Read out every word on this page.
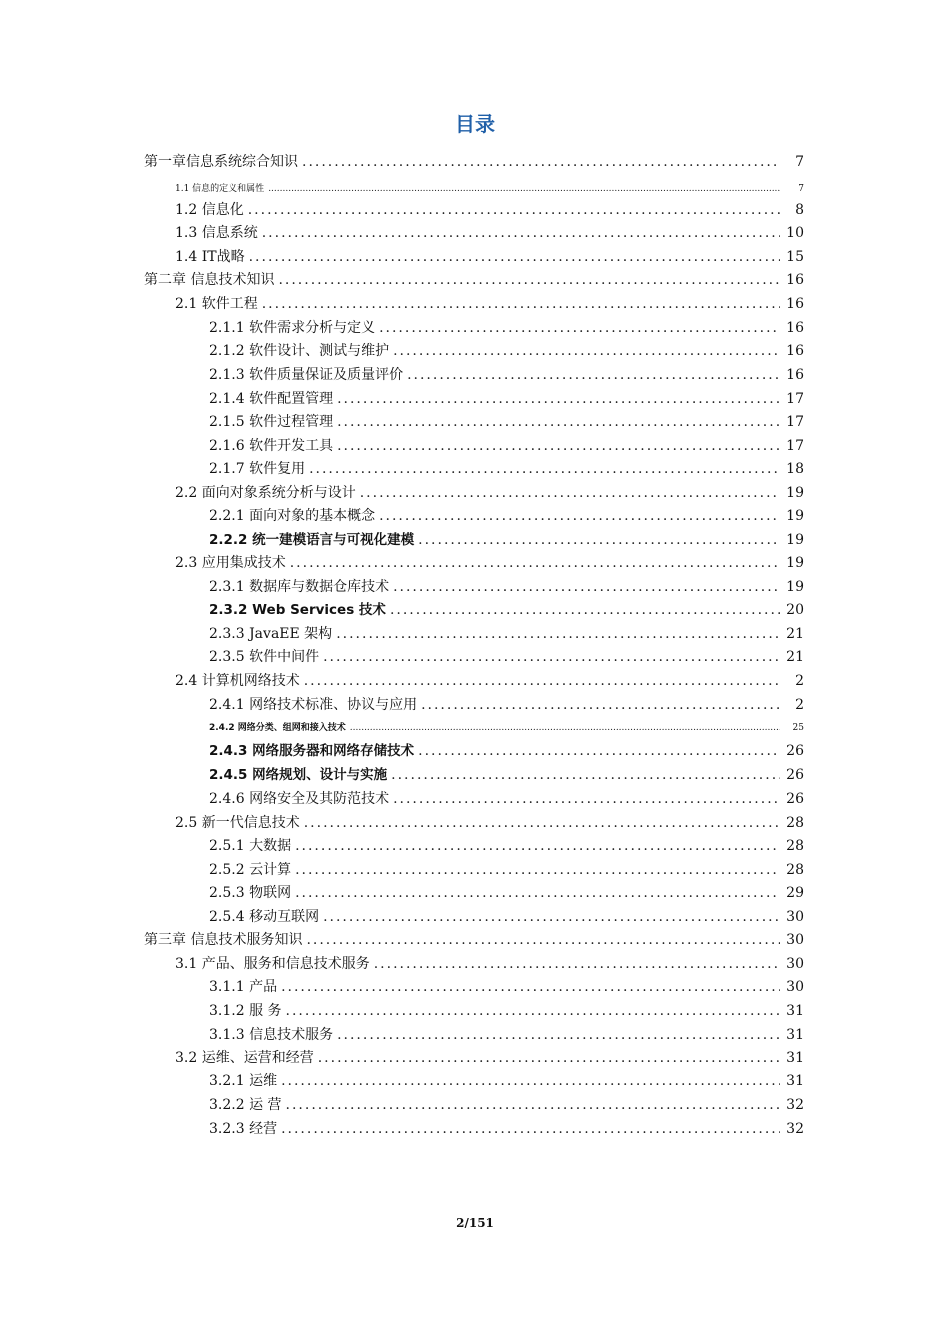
目录
第一章信息系统综合知识 .....	7
1.1 信息的定义和属性 .....	7
1.2 信息化 .....	8
1.3 信息系统 .....	10
1.4 IT战略 .....	15
第二章 信息技术知识 .....	16
2.1 软件工程 .....	16
2.1.1 软件需求分析与定义 .....	16
2.1.2 软件设计、测试与维护 .....	16
2.1.3 软件质量保证及质量评价 .....	16
2.1.4 软件配置管理 .....	17
2.1.5 软件过程管理 .....	17
2.1.6 软件开发工具 .....	17
2.1.7 软件复用 .....	18
2.2 面向对象系统分析与设计 .....	19
2.2.1 面向对象的基本概念 .....	19
2.2.2 统一建模语言与可视化建模 .....	19
2.3 应用集成技术 .....	19
2.3.1 数据库与数据仓库技术 .....	19
2.3.2 Web Services 技术 .....	20
2.3.3 JavaEE 架构 .....	21
2.3.5 软件中间件 .....	21
2.4 计算机网络技术 .....	2
2.4.1 网络技术标准、协议与应用 .....	2
2.4.2 网络分类、组网和接入技术 .....	25
2.4.3 网络服务器和网络存储技术 .....	26
2.4.5 网络规划、设计与实施 .....	26
2.4.6 网络安全及其防范技术 .....	26
2.5 新一代信息技术 .....	28
2.5.1 大数据 .....	28
2.5.2 云计算 .....	28
2.5.3 物联网 .....	29
2.5.4 移动互联网 .....	30
第三章 信息技术服务知识 .....	30
3.1 产品、服务和信息技术服务 .....	30
3.1.1 产品 .....	30
3.1.2 服 务 .....	31
3.1.3 信息技术服务 .....	31
3.2 运维、运营和经营 .....	31
3.2.1 运维 .....	31
3.2.2 运 营 .....	32
3.2.3 经营 .....	32
2/151
